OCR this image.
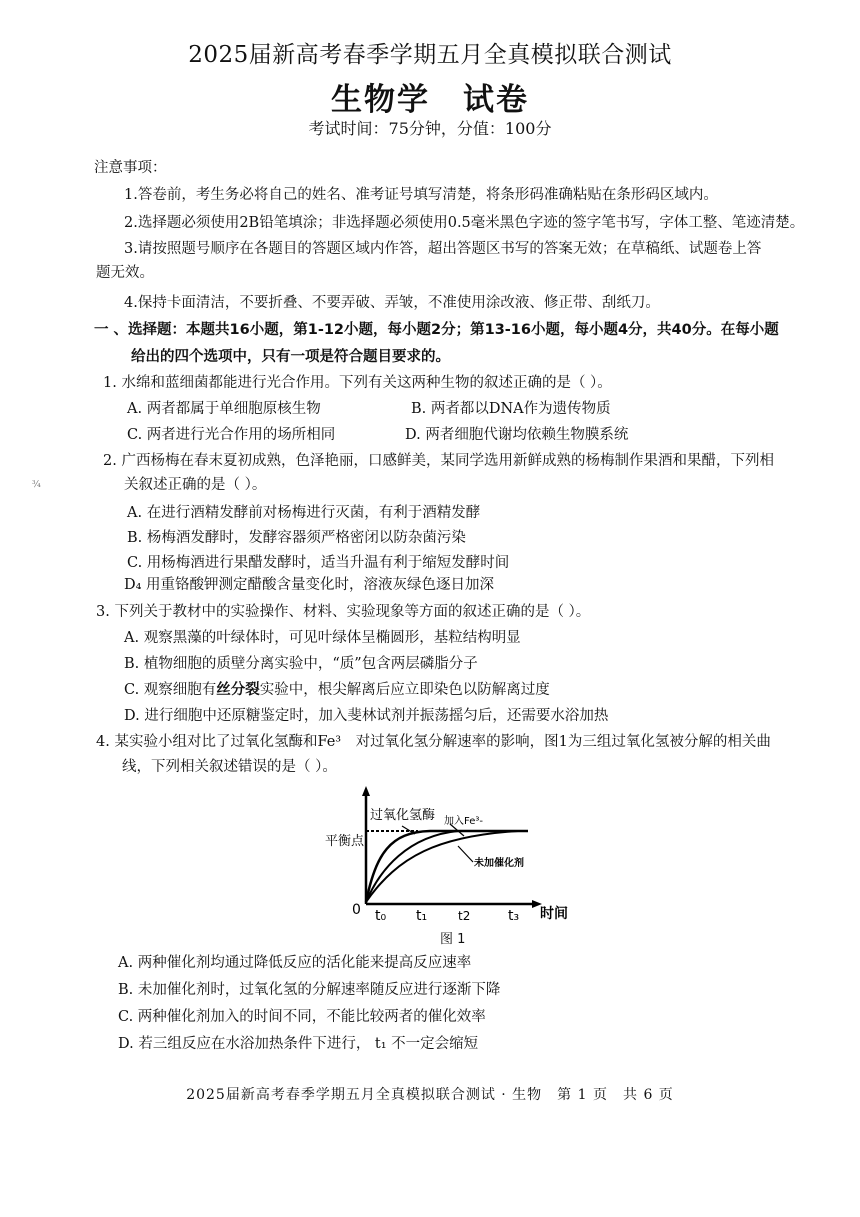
2025届新高考春季学期五月全真模拟联合测试
生物学　试卷
考试时间：75分钟，分值：100分
注意事项：
1.答卷前，考生务必将自己的姓名、准考证号填写清楚，将条形码准确粘贴在条形码区域内。
2.选择题必须使用2B铅笔填涂；非选择题必须使用0.5毫米黑色字迹的签字笔书写，字体工整、笔迹清楚。
3.请按照题号顺序在各题目的答题区域内作答，超出答题区书写的答案无效；在草稿纸、试题卷上答
题无效。
4.保持卡面清洁，不要折叠、不要弄破、弄皱，不准使用涂改液、修正带、刮纸刀。
一 、选择题：本题共16小题，第1-12小题，每小题2分；第13-16小题，每小题4分，共40分。在每小题
给出的四个选项中，只有一项是符合题目要求的。
1. 水绵和蓝细菌都能进行光合作用。下列有关这两种生物的叙述正确的是（ ）。
A. 两者都属于单细胞原核生物	B. 两者都以DNA作为遗传物质
C. 两者进行光合作用的场所相同	D. 两者细胞代谢均依赖生物膜系统
2. 广西杨梅在春末夏初成熟，色泽艳丽，口感鲜美，某同学选用新鲜成熟的杨梅制作果酒和果醋，下列相
关叙述正确的是（ ）。
¾
A. 在进行酒精发酵前对杨梅进行灭菌，有利于酒精发酵
B. 杨梅酒发酵时，发酵容器须严格密闭以防杂菌污染
C. 用杨梅酒进行果醋发酵时，适当升温有利于缩短发酵时间
D₄ 用重铬酸钾测定醋酸含量变化时，溶液灰绿色逐日加深
3. 下列关于教材中的实验操作、材料、实验现象等方面的叙述正确的是（ ）。
A. 观察黑藻的叶绿体时，可见叶绿体呈椭圆形，基粒结构明显
B. 植物细胞的质壁分离实验中，“质”包含两层磷脂分子
C. 观察细胞有丝分裂实验中，根尖解离后应立即染色以防解离过度
D. 进行细胞中还原糖鉴定时，加入斐林试剂并振荡摇匀后，还需要水浴加热
4. 某实验小组对比了过氧化氢酶和Fe³　对过氧化氢分解速率的影响，图1为三组过氧化氢被分解的相关曲
线，下列相关叙述错误的是（ ）。
过氧化氢酶 加入Fe³-
未加催化剂
平衡点
0 t₀ t₁	t2	t₃ 时间
图 1
A. 两种催化剂均通过降低反应的活化能来提高反应速率
B. 未加催化剂时，过氧化氢的分解速率随反应进行逐渐下降
C. 两种催化剂加入的时间不同，不能比较两者的催化效率
D. 若三组反应在水浴加热条件下进行， t₁ 不一定会缩短
2025届新高考春季学期五月全真模拟联合测试 · 生物　第 1 页　共 6 页
